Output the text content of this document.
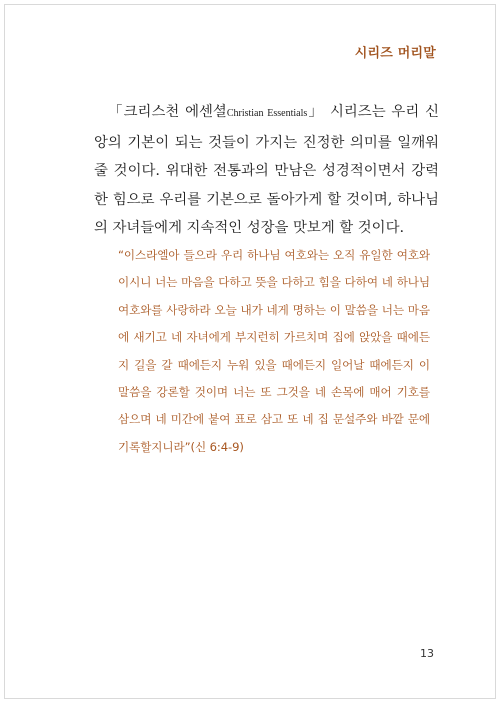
시리즈 머리말

「크리스천 에센셜Christian Essentials」 시리즈는 우리 신앙의 기본이 되는 것들이 가지는 진정한 의미를 일깨워 줄 것이다. 위대한 전통과의 만남은 성경적이면서 강력한 힘으로 우리를 기본으로 돌아가게 할 것이며, 하나님의 자녀들에게 지속적인 성장을 맛보게 할 것이다.

“이스라엘아 들으라 우리 하나님 여호와는 오직 유일한 여호와이시니 너는 마음을 다하고 뜻을 다하고 힘을 다하여 네 하나님 여호와를 사랑하라 오늘 내가 네게 명하는 이 말씀을 너는 마음에 새기고 네 자녀에게 부지런히 가르치며 집에 앉았을 때에든지 길을 갈 때에든지 누워 있을 때에든지 일어날 때에든지 이 말씀을 강론할 것이며 너는 또 그것을 네 손목에 매어 기호를 삼으며 네 미간에 붙여 표로 삼고 또 네 집 문설주와 바깥 문에 기록할지니라”(신 6:4-9)

13
